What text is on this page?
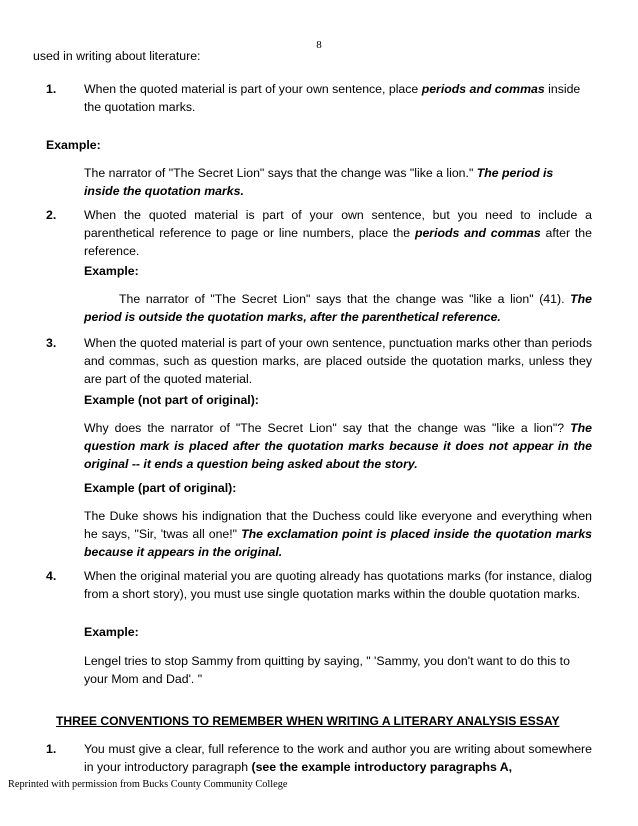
8
used in writing about literature:
1. When the quoted material is part of your own sentence, place periods and commas inside the quotation marks.
Example:
The narrator of "The Secret Lion" says that the change was "like a lion." The period is inside the quotation marks.
2. When the quoted material is part of your own sentence, but you need to include a parenthetical reference to page or line numbers, place the periods and commas after the reference.
Example:
The narrator of "The Secret Lion" says that the change was "like a lion" (41). The period is outside the quotation marks, after the parenthetical reference.
3. When the quoted material is part of your own sentence, punctuation marks other than periods and commas, such as question marks, are placed outside the quotation marks, unless they are part of the quoted material.
Example (not part of original):
Why does the narrator of "The Secret Lion" say that the change was "like a lion"? The question mark is placed after the quotation marks because it does not appear in the original -- it ends a question being asked about the story.
Example (part of original):
The Duke shows his indignation that the Duchess could like everyone and everything when he says, "Sir, 'twas all one!" The exclamation point is placed inside the quotation marks because it appears in the original.
4. When the original material you are quoting already has quotations marks (for instance, dialog from a short story), you must use single quotation marks within the double quotation marks.
Example:
Lengel tries to stop Sammy from quitting by saying, " 'Sammy, you don't want to do this to your Mom and Dad'. "
THREE CONVENTIONS TO REMEMBER WHEN WRITING A LITERARY ANALYSIS ESSAY
1. You must give a clear, full reference to the work and author you are writing about somewhere in your introductory paragraph (see the example introductory paragraphs A,
Reprinted with permission from Bucks County Community College
